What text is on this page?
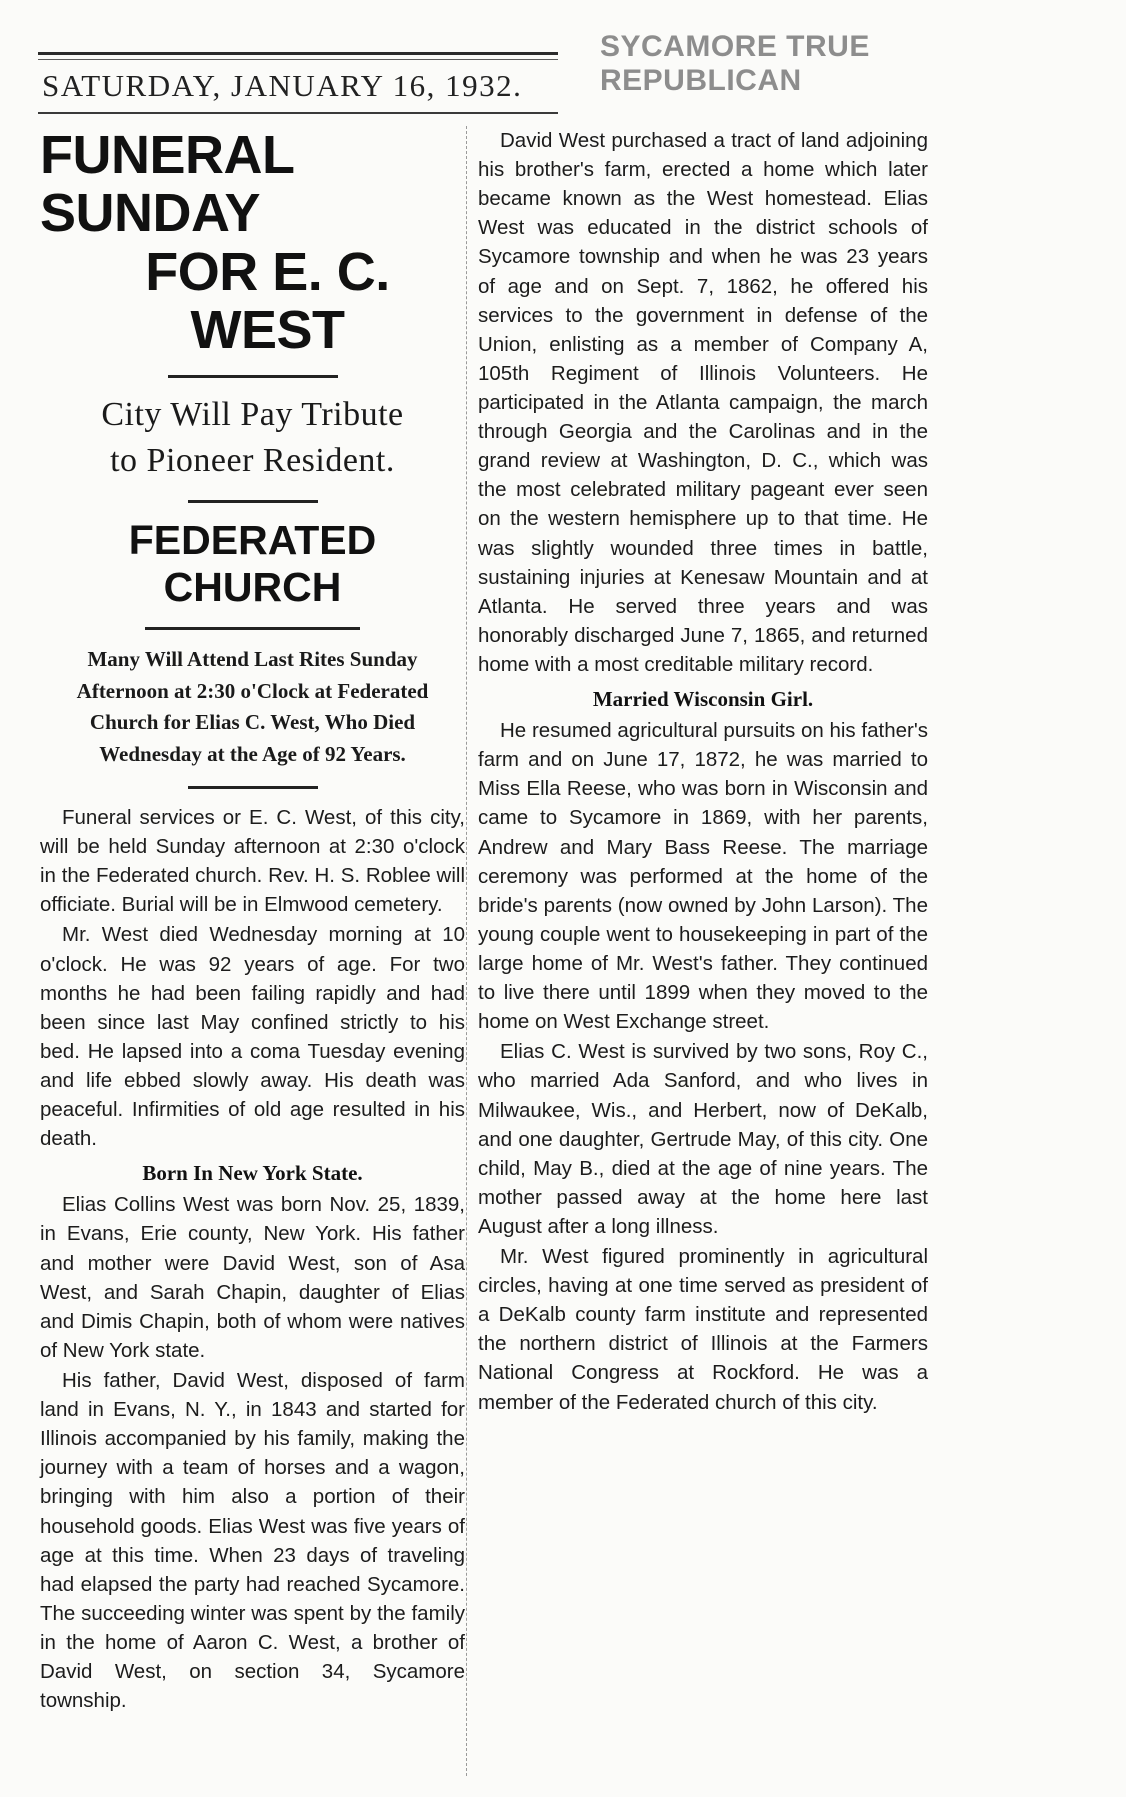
SYCAMORE TRUE REPUBLICAN
SATURDAY, JANUARY 16, 1932.
FUNERAL SUNDAY
FOR E. C. WEST
City Will Pay Tribute
to Pioneer Resident.
FEDERATED CHURCH
Many Will Attend Last Rites Sunday Afternoon at 2:30 o'Clock at Federated Church for Elias C. West, Who Died Wednesday at the Age of 92 Years.

Funeral services or E. C. West, of this city, will be held Sunday afternoon at 2:30 o'clock in the Federated church. Rev. H. S. Roblee will officiate. Burial will be in Elmwood cemetery.

Mr. West died Wednesday morning at 10 o'clock. He was 92 years of age. For two months he had been failing rapidly and had been since last May confined strictly to his bed. He lapsed into a coma Tuesday evening and life ebbed slowly away. His death was peaceful. Infirmities of old age resulted in his death.

Born In New York State.

Elias Collins West was born Nov. 25, 1839, in Evans, Erie county, New York. His father and mother were David West, son of Asa West, and Sarah Chapin, daughter of Elias and Dimis Chapin, both of whom were natives of New York state.

His father, David West, disposed of farm land in Evans, N. Y., in 1843 and started for Illinois accompanied by his family, making the journey with a team of horses and a wagon, bringing with him also a portion of their household goods. Elias West was five years of age at this time. When 23 days of traveling had elapsed the party had reached Sycamore. The succeeding winter was spent by the family in the home of Aaron C. West, a brother of David West, on section 34, Sycamore township.

David West purchased a tract of land adjoining his brother's farm, erected a home which later became known as the West homestead. Elias West was educated in the district schools of Sycamore township and when he was 23 years of age and on Sept. 7, 1862, he offered his services to the government in defense of the Union, enlisting as a member of Company A, 105th Regiment of Illinois Volunteers. He participated in the Atlanta campaign, the march through Georgia and the Carolinas and in the grand review at Washington, D. C., which was the most celebrated military pageant ever seen on the western hemisphere up to that time. He was slightly wounded three times in battle, sustaining injuries at Kenesaw Mountain and at Atlanta. He served three years and was honorably discharged June 7, 1865, and returned home with a most creditable military record.

Married Wisconsin Girl.

He resumed agricultural pursuits on his father's farm and on June 17, 1872, he was married to Miss Ella Reese, who was born in Wisconsin and came to Sycamore in 1869, with her parents, Andrew and Mary Bass Reese. The marriage ceremony was performed at the home of the bride's parents (now owned by John Larson). The young couple went to housekeeping in part of the large home of Mr. West's father. They continued to live there until 1899 when they moved to the home on West Exchange street.

Elias C. West is survived by two sons, Roy C., who married Ada Sanford, and who lives in Milwaukee, Wis., and Herbert, now of DeKalb, and one daughter, Gertrude May, of this city. One child, May B., died at the age of nine years. The mother passed away at the home here last August after a long illness.

Mr. West figured prominently in agricultural circles, having at one time served as president of a DeKalb county farm institute and represented the northern district of Illinois at the Farmers National Congress at Rockford. He was a member of the Federated church of this city.
